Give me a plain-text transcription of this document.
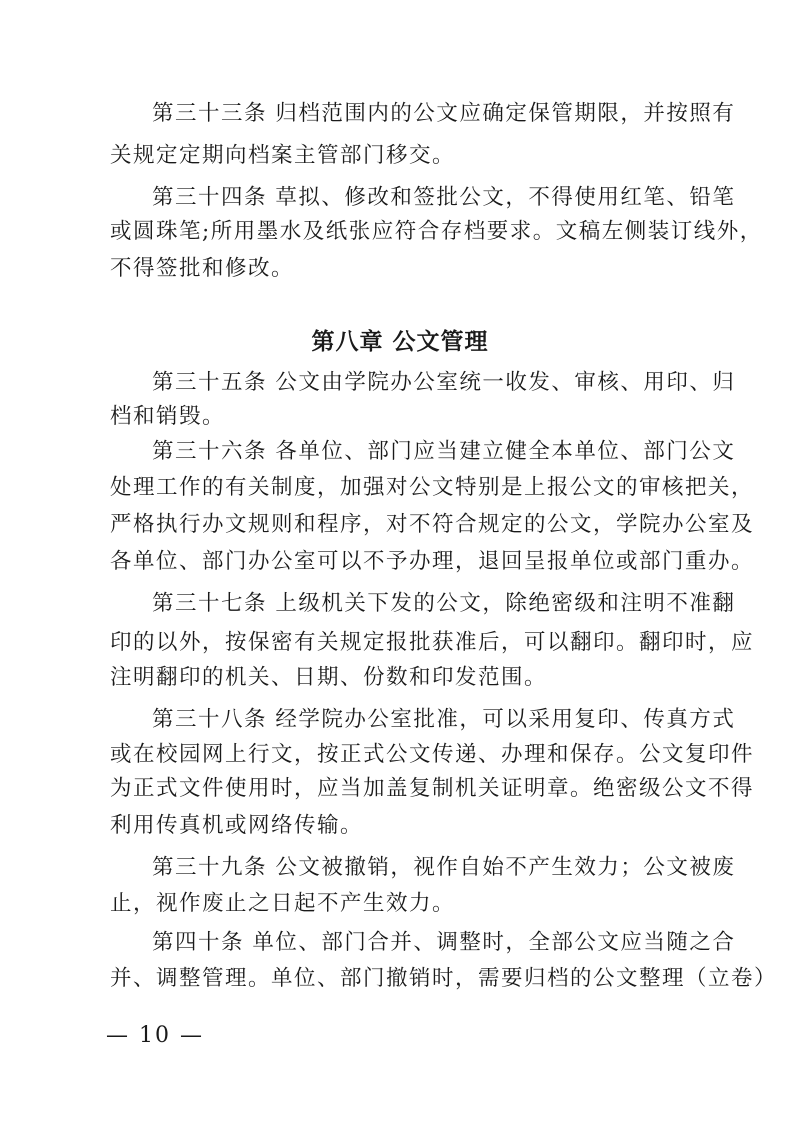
第三十三条 归档范围内的公文应确定保管期限，并按照有
关规定定期向档案主管部门移交。
第三十四条 草拟、修改和签批公文，不得使用红笔、铅笔
或圆珠笔;所用墨水及纸张应符合存档要求。文稿左侧装订线外，
不得签批和修改。
第八章 公文管理
第三十五条 公文由学院办公室统一收发、审核、用印、归
档和销毁。
第三十六条 各单位、部门应当建立健全本单位、部门公文
处理工作的有关制度，加强对公文特别是上报公文的审核把关，
严格执行办文规则和程序，对不符合规定的公文，学院办公室及
各单位、部门办公室可以不予办理，退回呈报单位或部门重办。
第三十七条 上级机关下发的公文，除绝密级和注明不准翻
印的以外，按保密有关规定报批获准后，可以翻印。翻印时，应
注明翻印的机关、日期、份数和印发范围。
第三十八条 经学院办公室批准，可以采用复印、传真方式
或在校园网上行文，按正式公文传递、办理和保存。公文复印件
为正式文件使用时，应当加盖复制机关证明章。绝密级公文不得
利用传真机或网络传输。
第三十九条 公文被撤销，视作自始不产生效力；公文被废
止，视作废止之日起不产生效力。
第四十条 单位、部门合并、调整时，全部公文应当随之合
并、调整管理。单位、部门撤销时，需要归档的公文整理（立卷）
— 10 —
